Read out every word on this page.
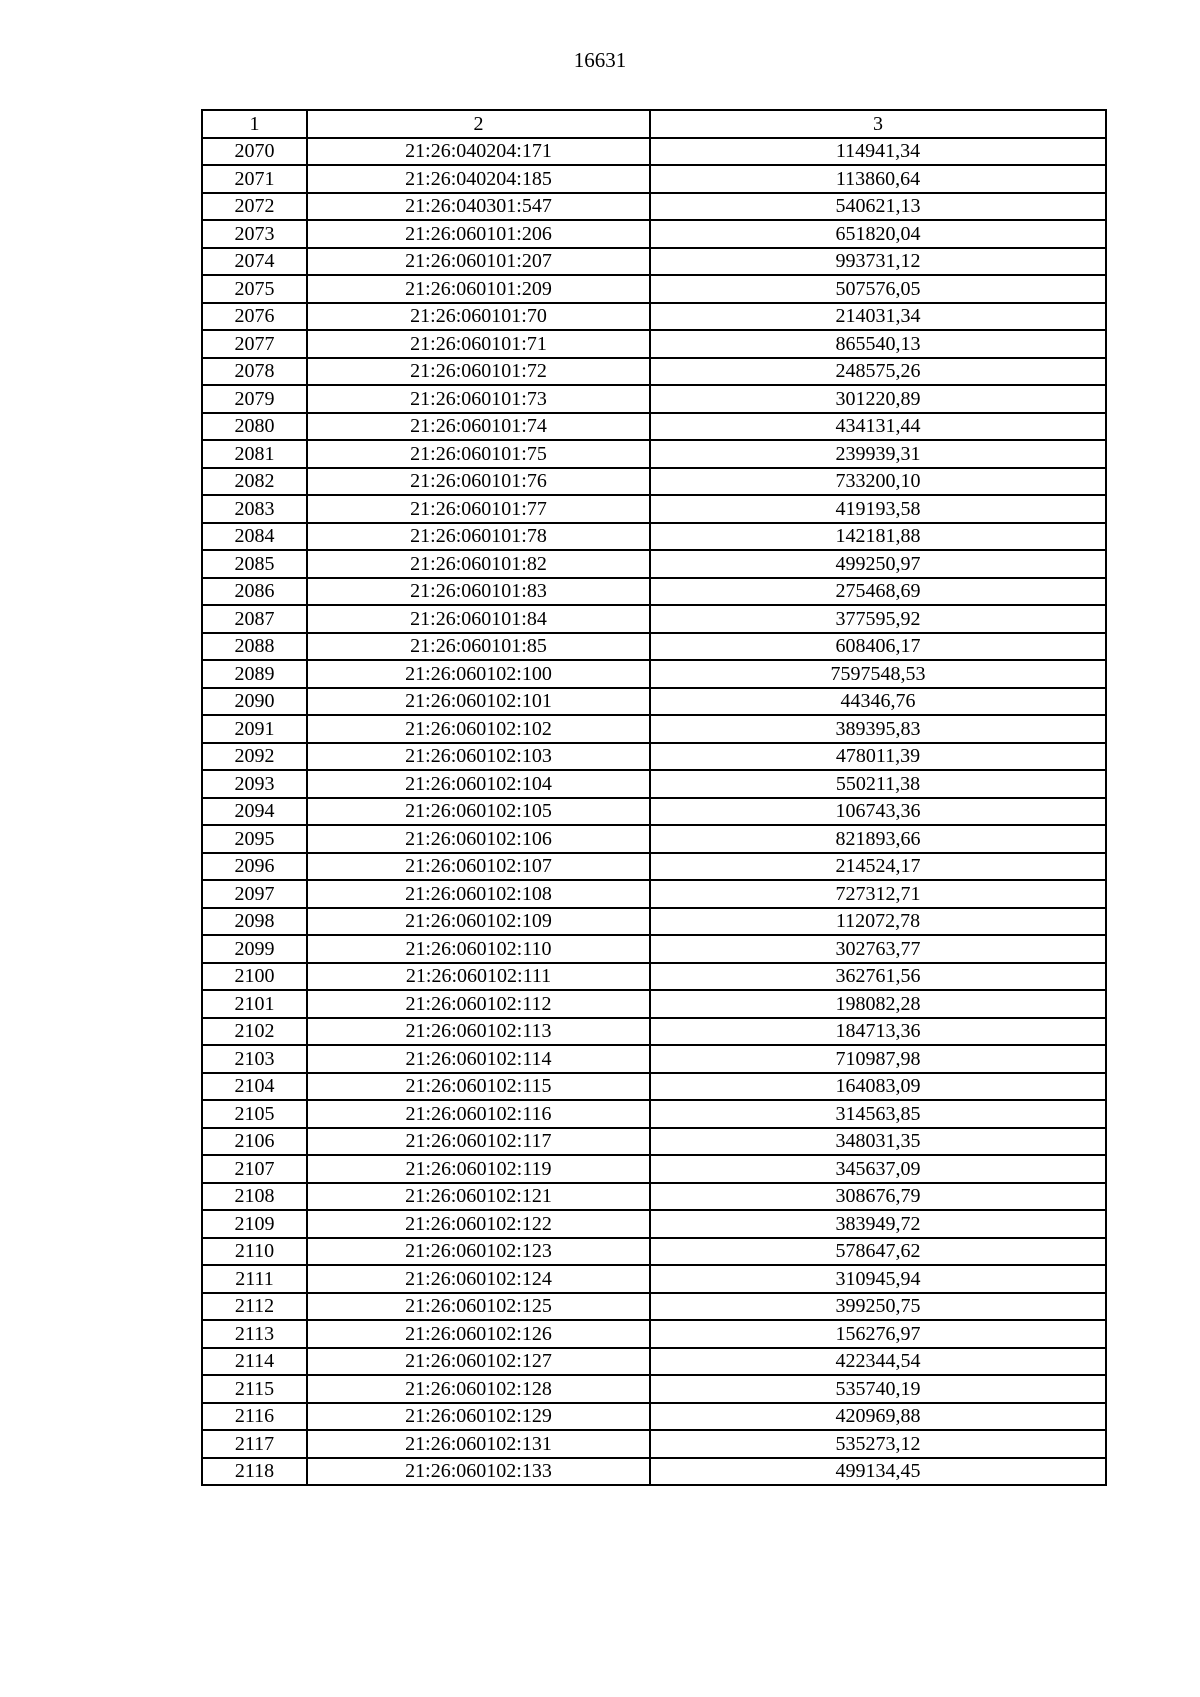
16631
1	2	3
2070	21:26:040204:171	114941,34
2071	21:26:040204:185	113860,64
2072	21:26:040301:547	540621,13
2073	21:26:060101:206	651820,04
2074	21:26:060101:207	993731,12
2075	21:26:060101:209	507576,05
2076	21:26:060101:70	214031,34
2077	21:26:060101:71	865540,13
2078	21:26:060101:72	248575,26
2079	21:26:060101:73	301220,89
2080	21:26:060101:74	434131,44
2081	21:26:060101:75	239939,31
2082	21:26:060101:76	733200,10
2083	21:26:060101:77	419193,58
2084	21:26:060101:78	142181,88
2085	21:26:060101:82	499250,97
2086	21:26:060101:83	275468,69
2087	21:26:060101:84	377595,92
2088	21:26:060101:85	608406,17
2089	21:26:060102:100	7597548,53
2090	21:26:060102:101	44346,76
2091	21:26:060102:102	389395,83
2092	21:26:060102:103	478011,39
2093	21:26:060102:104	550211,38
2094	21:26:060102:105	106743,36
2095	21:26:060102:106	821893,66
2096	21:26:060102:107	214524,17
2097	21:26:060102:108	727312,71
2098	21:26:060102:109	112072,78
2099	21:26:060102:110	302763,77
2100	21:26:060102:111	362761,56
2101	21:26:060102:112	198082,28
2102	21:26:060102:113	184713,36
2103	21:26:060102:114	710987,98
2104	21:26:060102:115	164083,09
2105	21:26:060102:116	314563,85
2106	21:26:060102:117	348031,35
2107	21:26:060102:119	345637,09
2108	21:26:060102:121	308676,79
2109	21:26:060102:122	383949,72
2110	21:26:060102:123	578647,62
2111	21:26:060102:124	310945,94
2112	21:26:060102:125	399250,75
2113	21:26:060102:126	156276,97
2114	21:26:060102:127	422344,54
2115	21:26:060102:128	535740,19
2116	21:26:060102:129	420969,88
2117	21:26:060102:131	535273,12
2118	21:26:060102:133	499134,45
